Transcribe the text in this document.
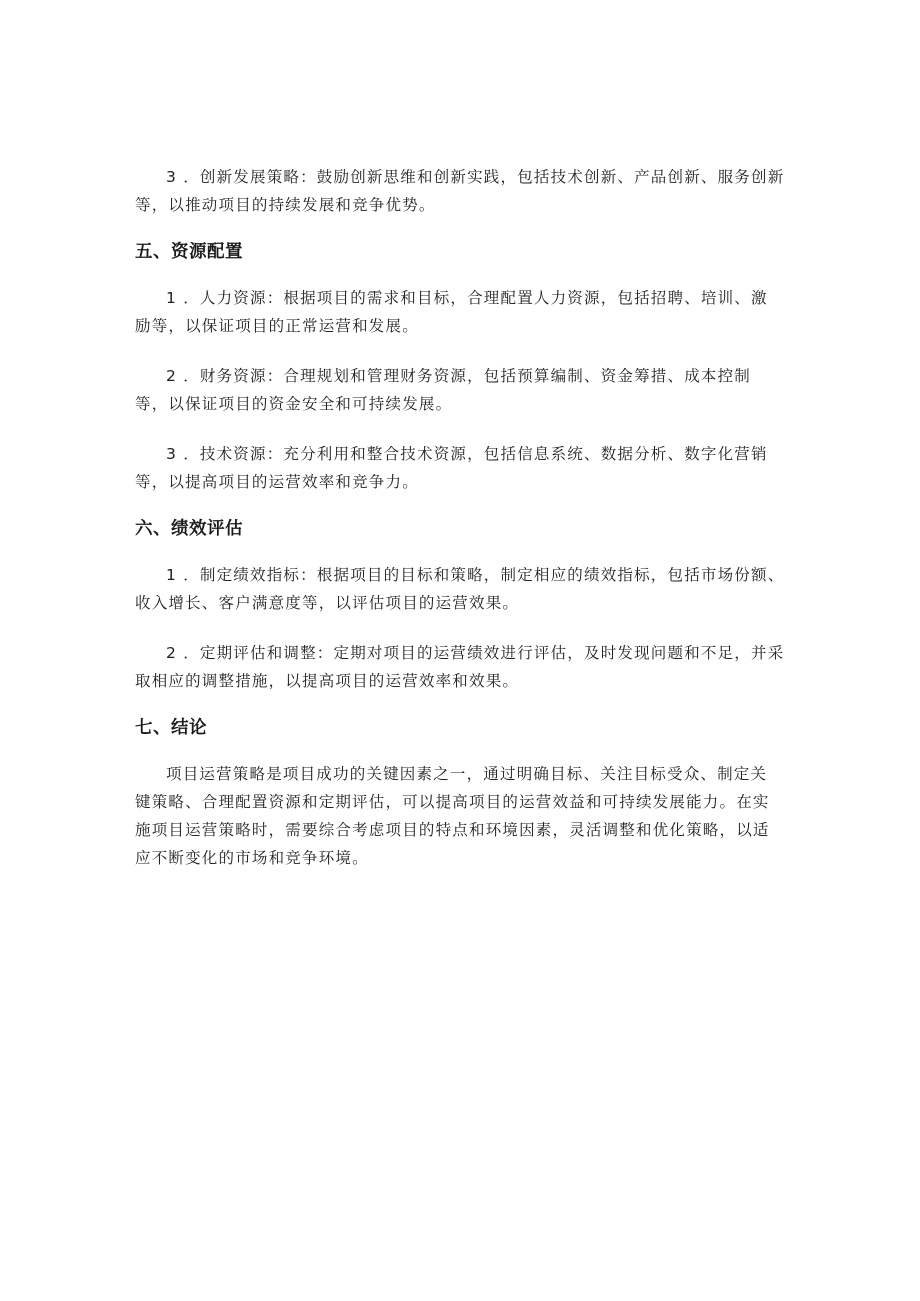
3 ．创新发展策略：鼓励创新思维和创新实践，包括技术创新、产品创新、服务创新
等，以推动项目的持续发展和竞争优势。

五、资源配置

1 ．人力资源：根据项目的需求和目标，合理配置人力资源，包括招聘、培训、激
励等，以保证项目的正常运营和发展。

2 ．财务资源：合理规划和管理财务资源，包括预算编制、资金筹措、成本控制
等，以保证项目的资金安全和可持续发展。

3 ．技术资源：充分利用和整合技术资源，包括信息系统、数据分析、数字化营销
等，以提高项目的运营效率和竞争力。

六、绩效评估

1 ．制定绩效指标：根据项目的目标和策略，制定相应的绩效指标，包括市场份额、
收入增长、客户满意度等，以评估项目的运营效果。

2 ．定期评估和调整：定期对项目的运营绩效进行评估，及时发现问题和不足，并采
取相应的调整措施，以提高项目的运营效率和效果。

七、结论

项目运营策略是项目成功的关键因素之一，通过明确目标、关注目标受众、制定关
键策略、合理配置资源和定期评估，可以提高项目的运营效益和可持续发展能力。在实
施项目运营策略时，需要综合考虑项目的特点和环境因素，灵活调整和优化策略，以适
应不断变化的市场和竞争环境。
